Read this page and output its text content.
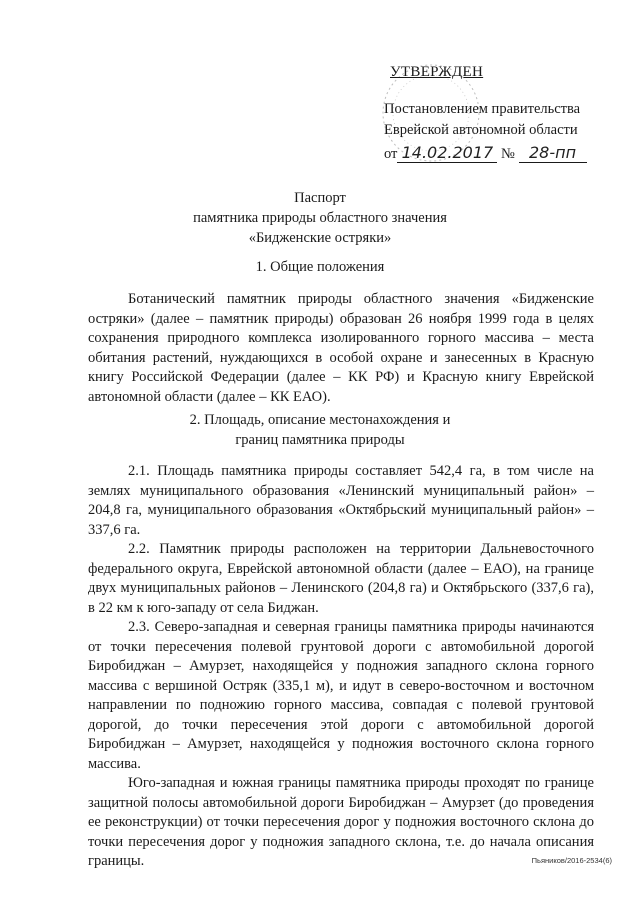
УТВЕРЖДЕН
Постановлением правительства
Еврейской автономной области
от 14.02.2017 № 28-пп
Паспорт
памятника природы областного значения
«Бидженские остряки»
1. Общие положения

Ботанический памятник природы областного значения «Бидженские остряки» (далее – памятник природы) образован 26 ноября 1999 года в целях сохранения природного комплекса изолированного горного массива – места обитания растений, нуждающихся в особой охране и занесенных в Красную книгу Российской Федерации (далее – КК РФ) и Красную книгу Еврейской автономной области (далее – КК ЕАО).

2. Площадь, описание местонахождения и
границ памятника природы

2.1. Площадь памятника природы составляет 542,4 га, в том числе на землях муниципального образования «Ленинский муниципальный район» – 204,8 га, муниципального образования «Октябрьский муниципальный район» – 337,6 га.

2.2. Памятник природы расположен на территории Дальневосточного федерального округа, Еврейской автономной области (далее – ЕАО), на границе двух муниципальных районов – Ленинского (204,8 га) и Октябрьского (337,6 га), в 22 км к юго-западу от села Биджан.

2.3. Северо-западная и северная границы памятника природы начинаются от точки пересечения полевой грунтовой дороги с автомобильной дорогой Биробиджан – Амурзет, находящейся у подножия западного склона горного массива с вершиной Остряк (335,1 м), и идут в северо-восточном и восточном направлении по подножию горного массива, совпадая с полевой грунтовой дорогой, до точки пересечения этой дороги с автомобильной дорогой Биробиджан – Амурзет, находящейся у подножия восточного склона горного массива.

Юго-западная и южная границы памятника природы проходят по границе защитной полосы автомобильной дороги Биробиджан – Амурзет (до проведения ее реконструкции) от точки пересечения дорог у подножия восточного склона до точки пересечения дорог у подножия западного склона, т.е. до начала описания границы.	Пьяников/2016-2534(6)
